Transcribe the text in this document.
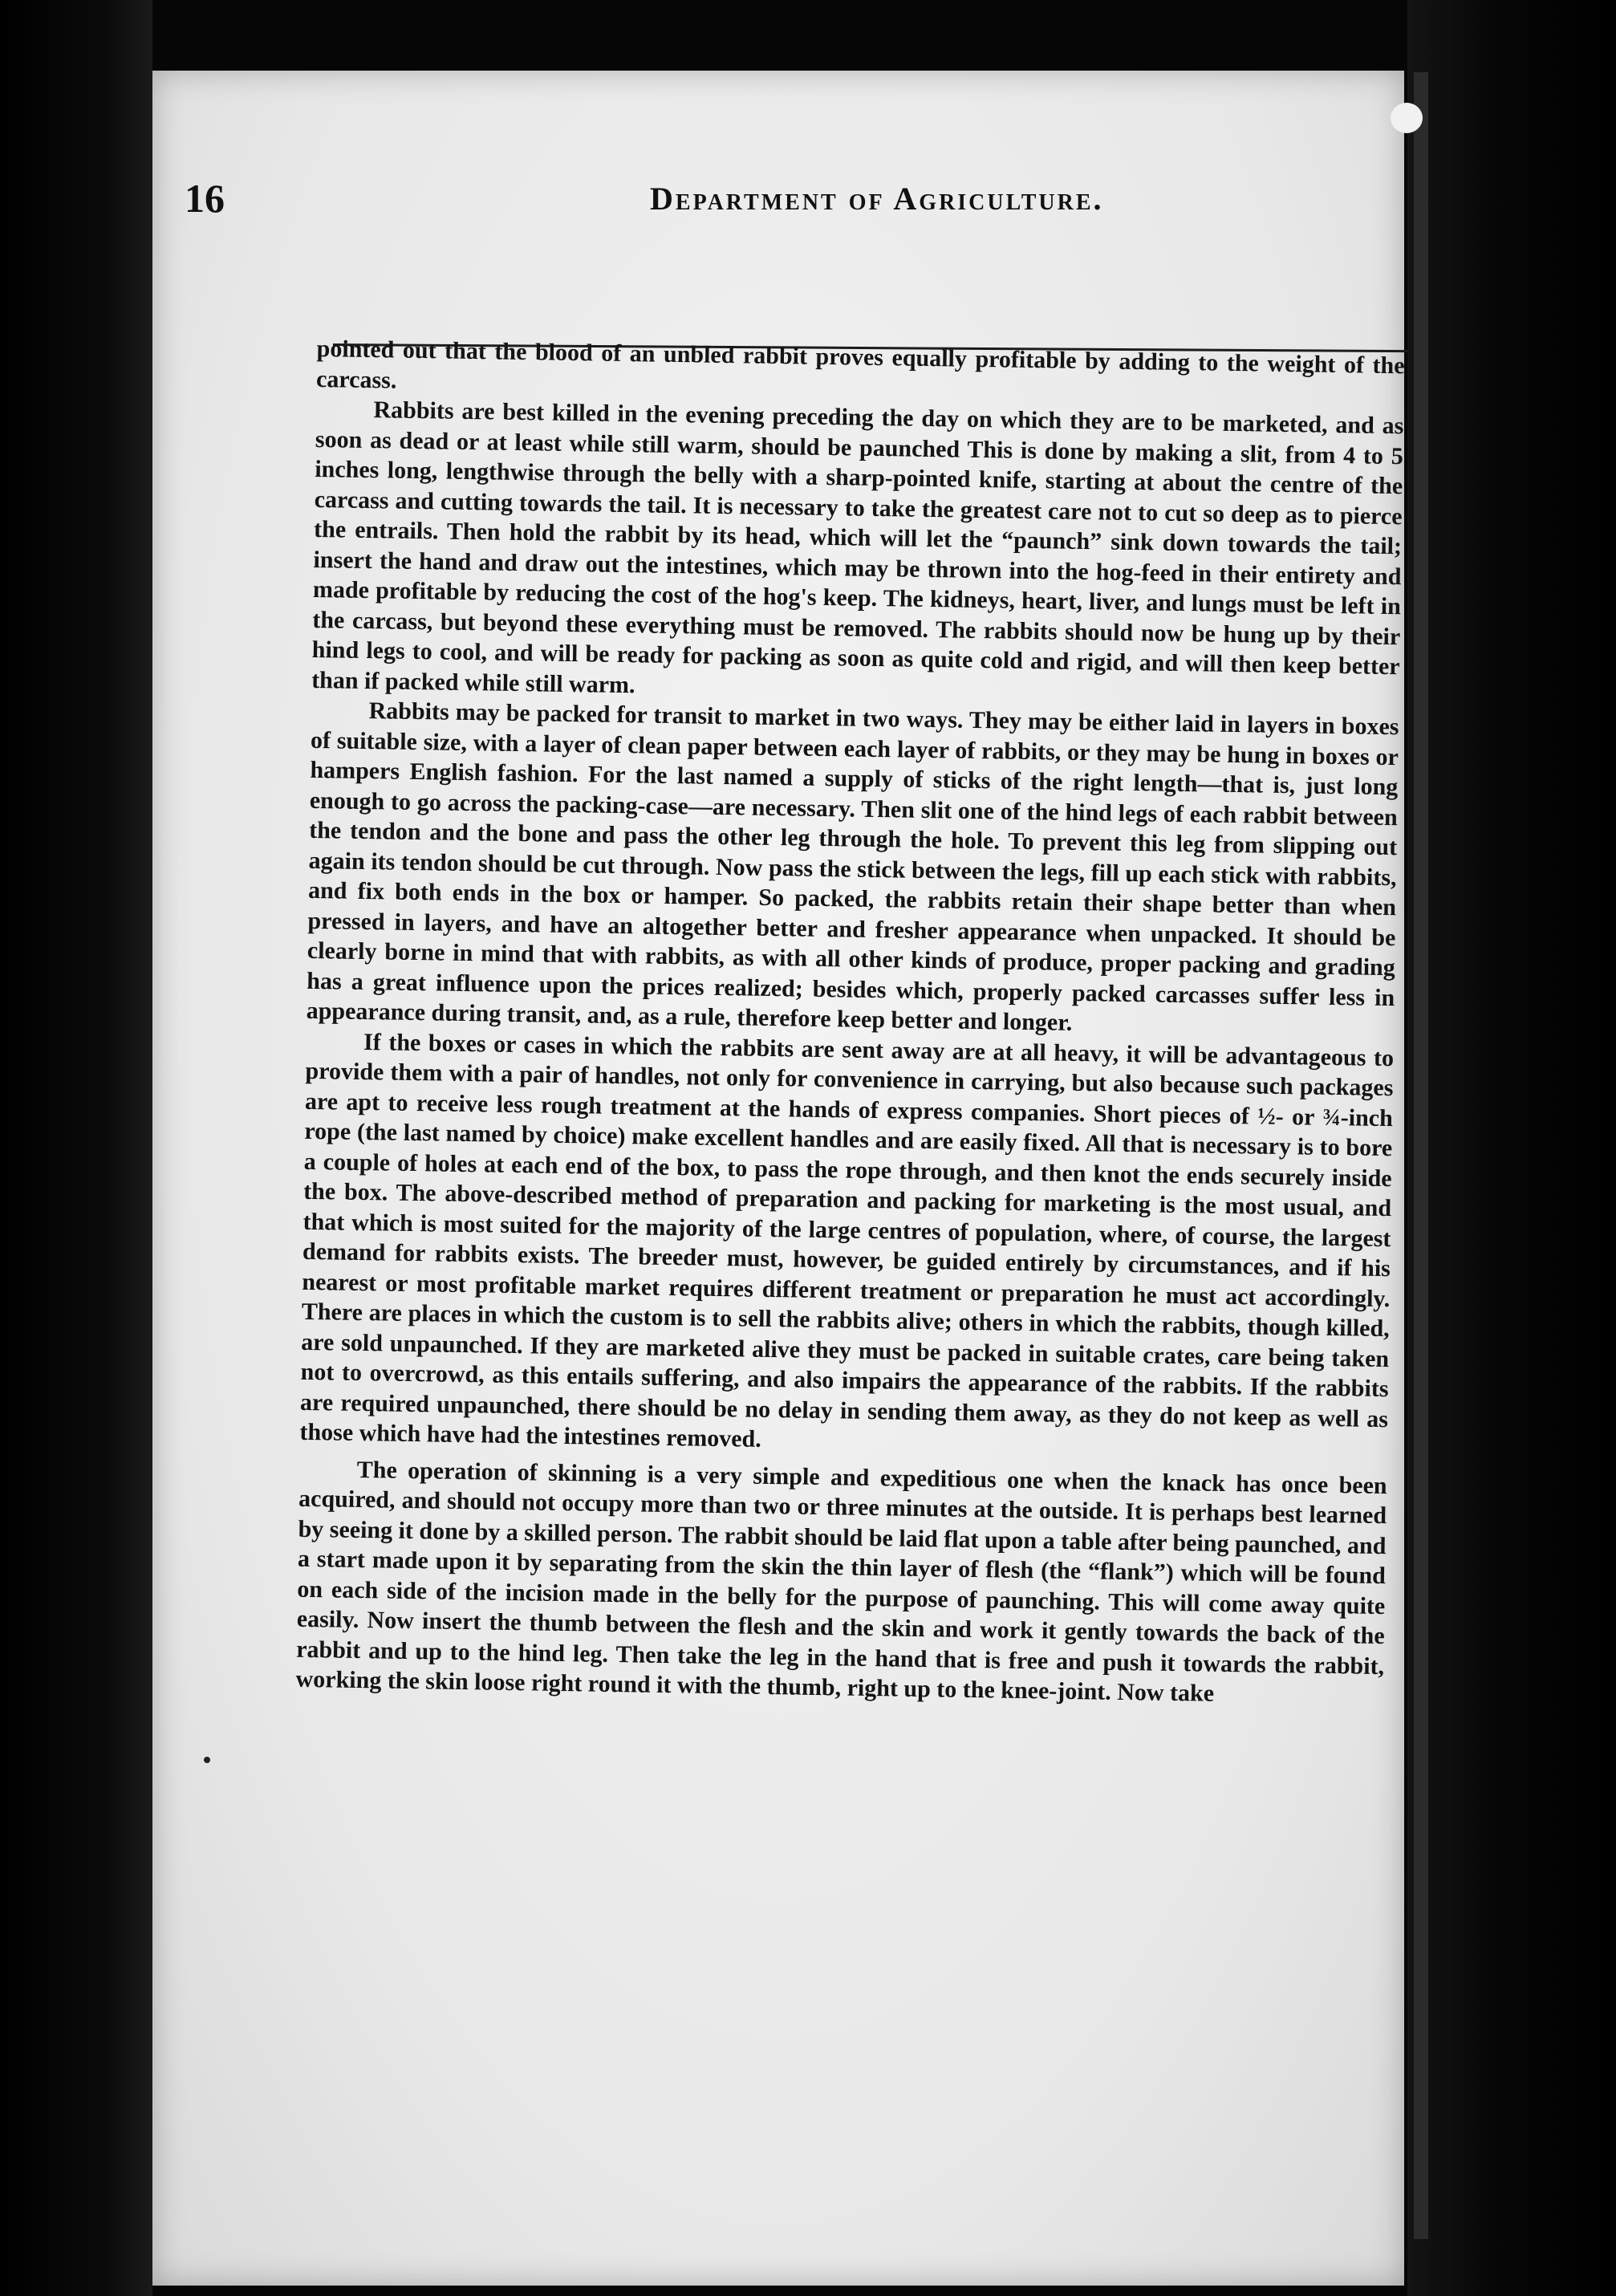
16	Department of Agriculture.

pointed out that the blood of an unbled rabbit proves equally profitable by adding to the weight of the carcass.

Rabbits are best killed in the evening preceding the day on which they are to be marketed, and as soon as dead or at least while still warm, should be paunched This is done by making a slit, from 4 to 5 inches long, lengthwise through the belly with a sharp-pointed knife, starting at about the centre of the carcass and cutting towards the tail. It is necessary to take the greatest care not to cut so deep as to pierce the entrails. Then hold the rabbit by its head, which will let the “paunch” sink down towards the tail; insert the hand and draw out the intestines, which may be thrown into the hog-feed in their entirety and made profitable by reducing the cost of the hog's keep. The kidneys, heart, liver, and lungs must be left in the carcass, but beyond these everything must be removed. The rabbits should now be hung up by their hind legs to cool, and will be ready for packing as soon as quite cold and rigid, and will then keep better than if packed while still warm.

Rabbits may be packed for transit to market in two ways. They may be either laid in layers in boxes of suitable size, with a layer of clean paper between each layer of rabbits, or they may be hung in boxes or hampers English fashion. For the last named a supply of sticks of the right length—that is, just long enough to go across the packing-case—are necessary. Then slit one of the hind legs of each rabbit between the tendon and the bone and pass the other leg through the hole. To prevent this leg from slipping out again its tendon should be cut through. Now pass the stick between the legs, fill up each stick with rabbits, and fix both ends in the box or hamper. So packed, the rabbits retain their shape better than when pressed in layers, and have an altogether better and fresher appearance when unpacked. It should be clearly borne in mind that with rabbits, as with all other kinds of produce, proper packing and grading has a great influence upon the prices realized; besides which, properly packed carcasses suffer less in appearance during transit, and, as a rule, therefore keep better and longer.

If the boxes or cases in which the rabbits are sent away are at all heavy, it will be advantageous to provide them with a pair of handles, not only for convenience in carrying, but also because such packages are apt to receive less rough treatment at the hands of express companies. Short pieces of ½- or ¾-inch rope (the last named by choice) make excellent handles and are easily fixed. All that is necessary is to bore a couple of holes at each end of the box, to pass the rope through, and then knot the ends securely inside the box. The above-described method of preparation and packing for marketing is the most usual, and that which is most suited for the majority of the large centres of population, where, of course, the largest demand for rabbits exists. The breeder must, however, be guided entirely by circumstances, and if his nearest or most profitable market requires different treatment or preparation he must act accordingly. There are places in which the custom is to sell the rabbits alive; others in which the rabbits, though killed, are sold unpaunched. If they are marketed alive they must be packed in suitable crates, care being taken not to overcrowd, as this entails suffering, and also impairs the appearance of the rabbits. If the rabbits are required unpaunched, there should be no delay in sending them away, as they do not keep as well as those which have had the intestines removed.

The operation of skinning is a very simple and expeditious one when the knack has once been acquired, and should not occupy more than two or three minutes at the outside. It is perhaps best learned by seeing it done by a skilled person. The rabbit should be laid flat upon a table after being paunched, and a start made upon it by separating from the skin the thin layer of flesh (the “flank”) which will be found on each side of the incision made in the belly for the purpose of paunching. This will come away quite easily. Now insert the thumb between the flesh and the skin and work it gently towards the back of the rabbit and up to the hind leg. Then take the leg in the hand that is free and push it towards the rabbit, working the skin loose right round it with the thumb, right up to the knee-joint. Now take
